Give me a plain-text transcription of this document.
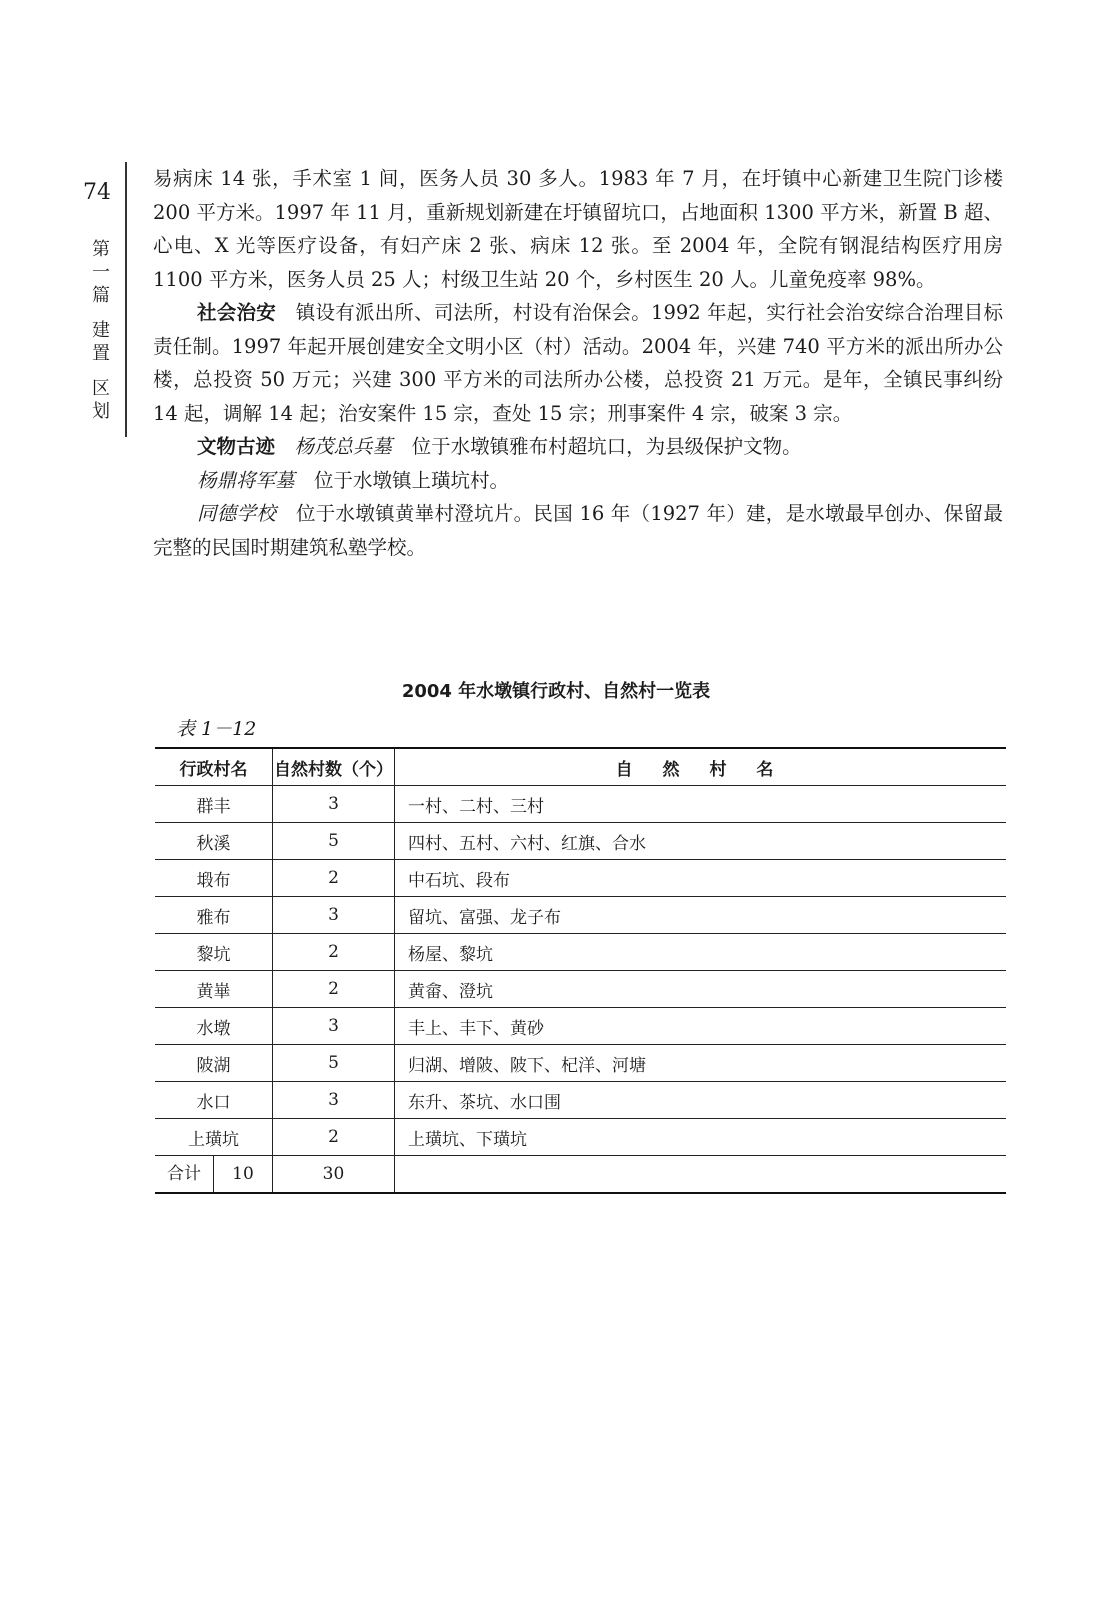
74
第
一
篇
建
置
区
划

易病床 14 张，手术室 1 间，医务人员 30 多人。1983 年 7 月，在圩镇中心新建卫生院门诊楼 200 平方米。1997 年 11 月，重新规划新建在圩镇留坑口，占地面积 1300 平方米，新置 B 超、心电、X 光等医疗设备，有妇产床 2 张、病床 12 张。至 2004 年，全院有钢混结构医疗用房 1100 平方米，医务人员 25 人；村级卫生站 20 个，乡村医生 20 人。儿童免疫率 98%。

社会治安　 镇设有派出所、司法所，村设有治保会。1992 年起，实行社会治安综合治理目标责任制。1997 年起开展创建安全文明小区（村）活动。2004 年，兴建 740 平方米的派出所办公楼，总投资 50 万元；兴建 300 平方米的司法所办公楼，总投资 21 万元。是年，全镇民事纠纷 14 起，调解 14 起；治安案件 15 宗，查处 15 宗；刑事案件 4 宗，破案 3 宗。

文物古迹　 杨茂总兵墓　 位于水墩镇雅布村超坑口，为县级保护文物。

杨鼎将军墓　 位于水墩镇上璜坑村。

同德学校　 位于水墩镇黄崋村澄坑片。民国 16 年（1927 年）建，是水墩最早创办、保留最完整的民国时期建筑私塾学校。

2004 年水墩镇行政村、自然村一览表
表 1－12
行政村名	自然村数（个）	自 然 村 名
群丰	3	一村、二村、三村
秋溪	5	四村、五村、六村、红旗、合水
塅布	2	中石坑、段布
雅布	3	留坑、富强、龙子布
黎坑	2	杨屋、黎坑
黄崋	2	黄畲、澄坑
水墩	3	丰上、丰下、黄砂
陂湖	5	归湖、增陂、陂下、杞洋、河塘
水口	3	东升、茶坑、水口围
上璜坑	2	上璜坑、下璜坑

合计 10	30	
